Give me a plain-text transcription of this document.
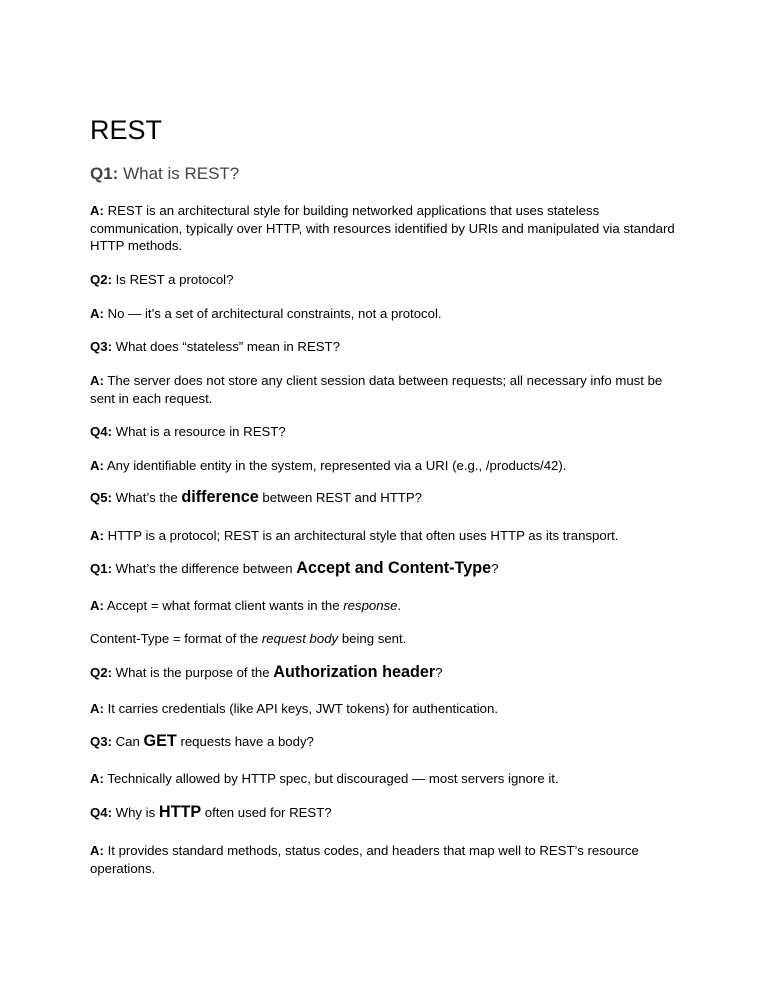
REST
Q1: What is REST?
A: REST is an architectural style for building networked applications that uses stateless communication, typically over HTTP, with resources identified by URIs and manipulated via standard HTTP methods.
Q2: Is REST a protocol?
A: No — it’s a set of architectural constraints, not a protocol.
Q3: What does “stateless” mean in REST?
A: The server does not store any client session data between requests; all necessary info must be sent in each request.
Q4: What is a resource in REST?
A: Any identifiable entity in the system, represented via a URI (e.g., /products/42).
Q5: What’s the difference between REST and HTTP?
A: HTTP is a protocol; REST is an architectural style that often uses HTTP as its transport.
Q1: What’s the difference between Accept and Content-Type?
A: Accept = what format client wants in the response.
Content-Type = format of the request body being sent.
Q2: What is the purpose of the Authorization header?
A: It carries credentials (like API keys, JWT tokens) for authentication.
Q3: Can GET requests have a body?
A: Technically allowed by HTTP spec, but discouraged — most servers ignore it.
Q4: Why is HTTP often used for REST?
A: It provides standard methods, status codes, and headers that map well to REST’s resource operations.
